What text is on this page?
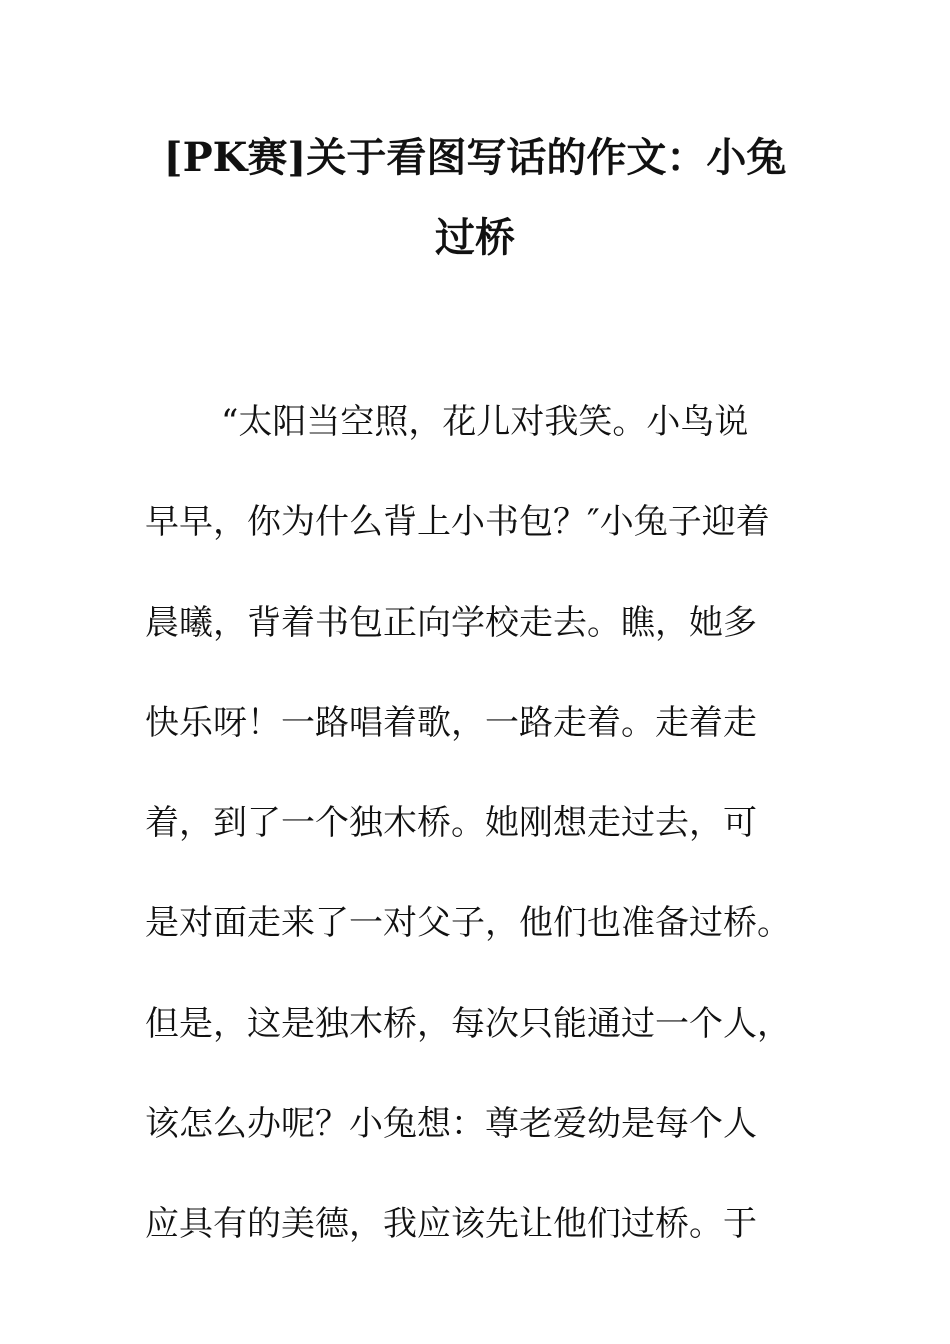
[PK赛]关于看图写话的作文：小兔
过桥
“太阳当空照，花儿对我笑。小鸟说
早早，你为什么背上小书包？″小兔子迎着
晨曦，背着书包正向学校走去。瞧，她多
快乐呀！一路唱着歌，一路走着。走着走
着，到了一个独木桥。她刚想走过去，可
是对面走来了一对父子，他们也准备过桥。
但是，这是独木桥，每次只能通过一个人，
该怎么办呢？小兔想：尊老爱幼是每个人
应具有的美德，我应该先让他们过桥。于
